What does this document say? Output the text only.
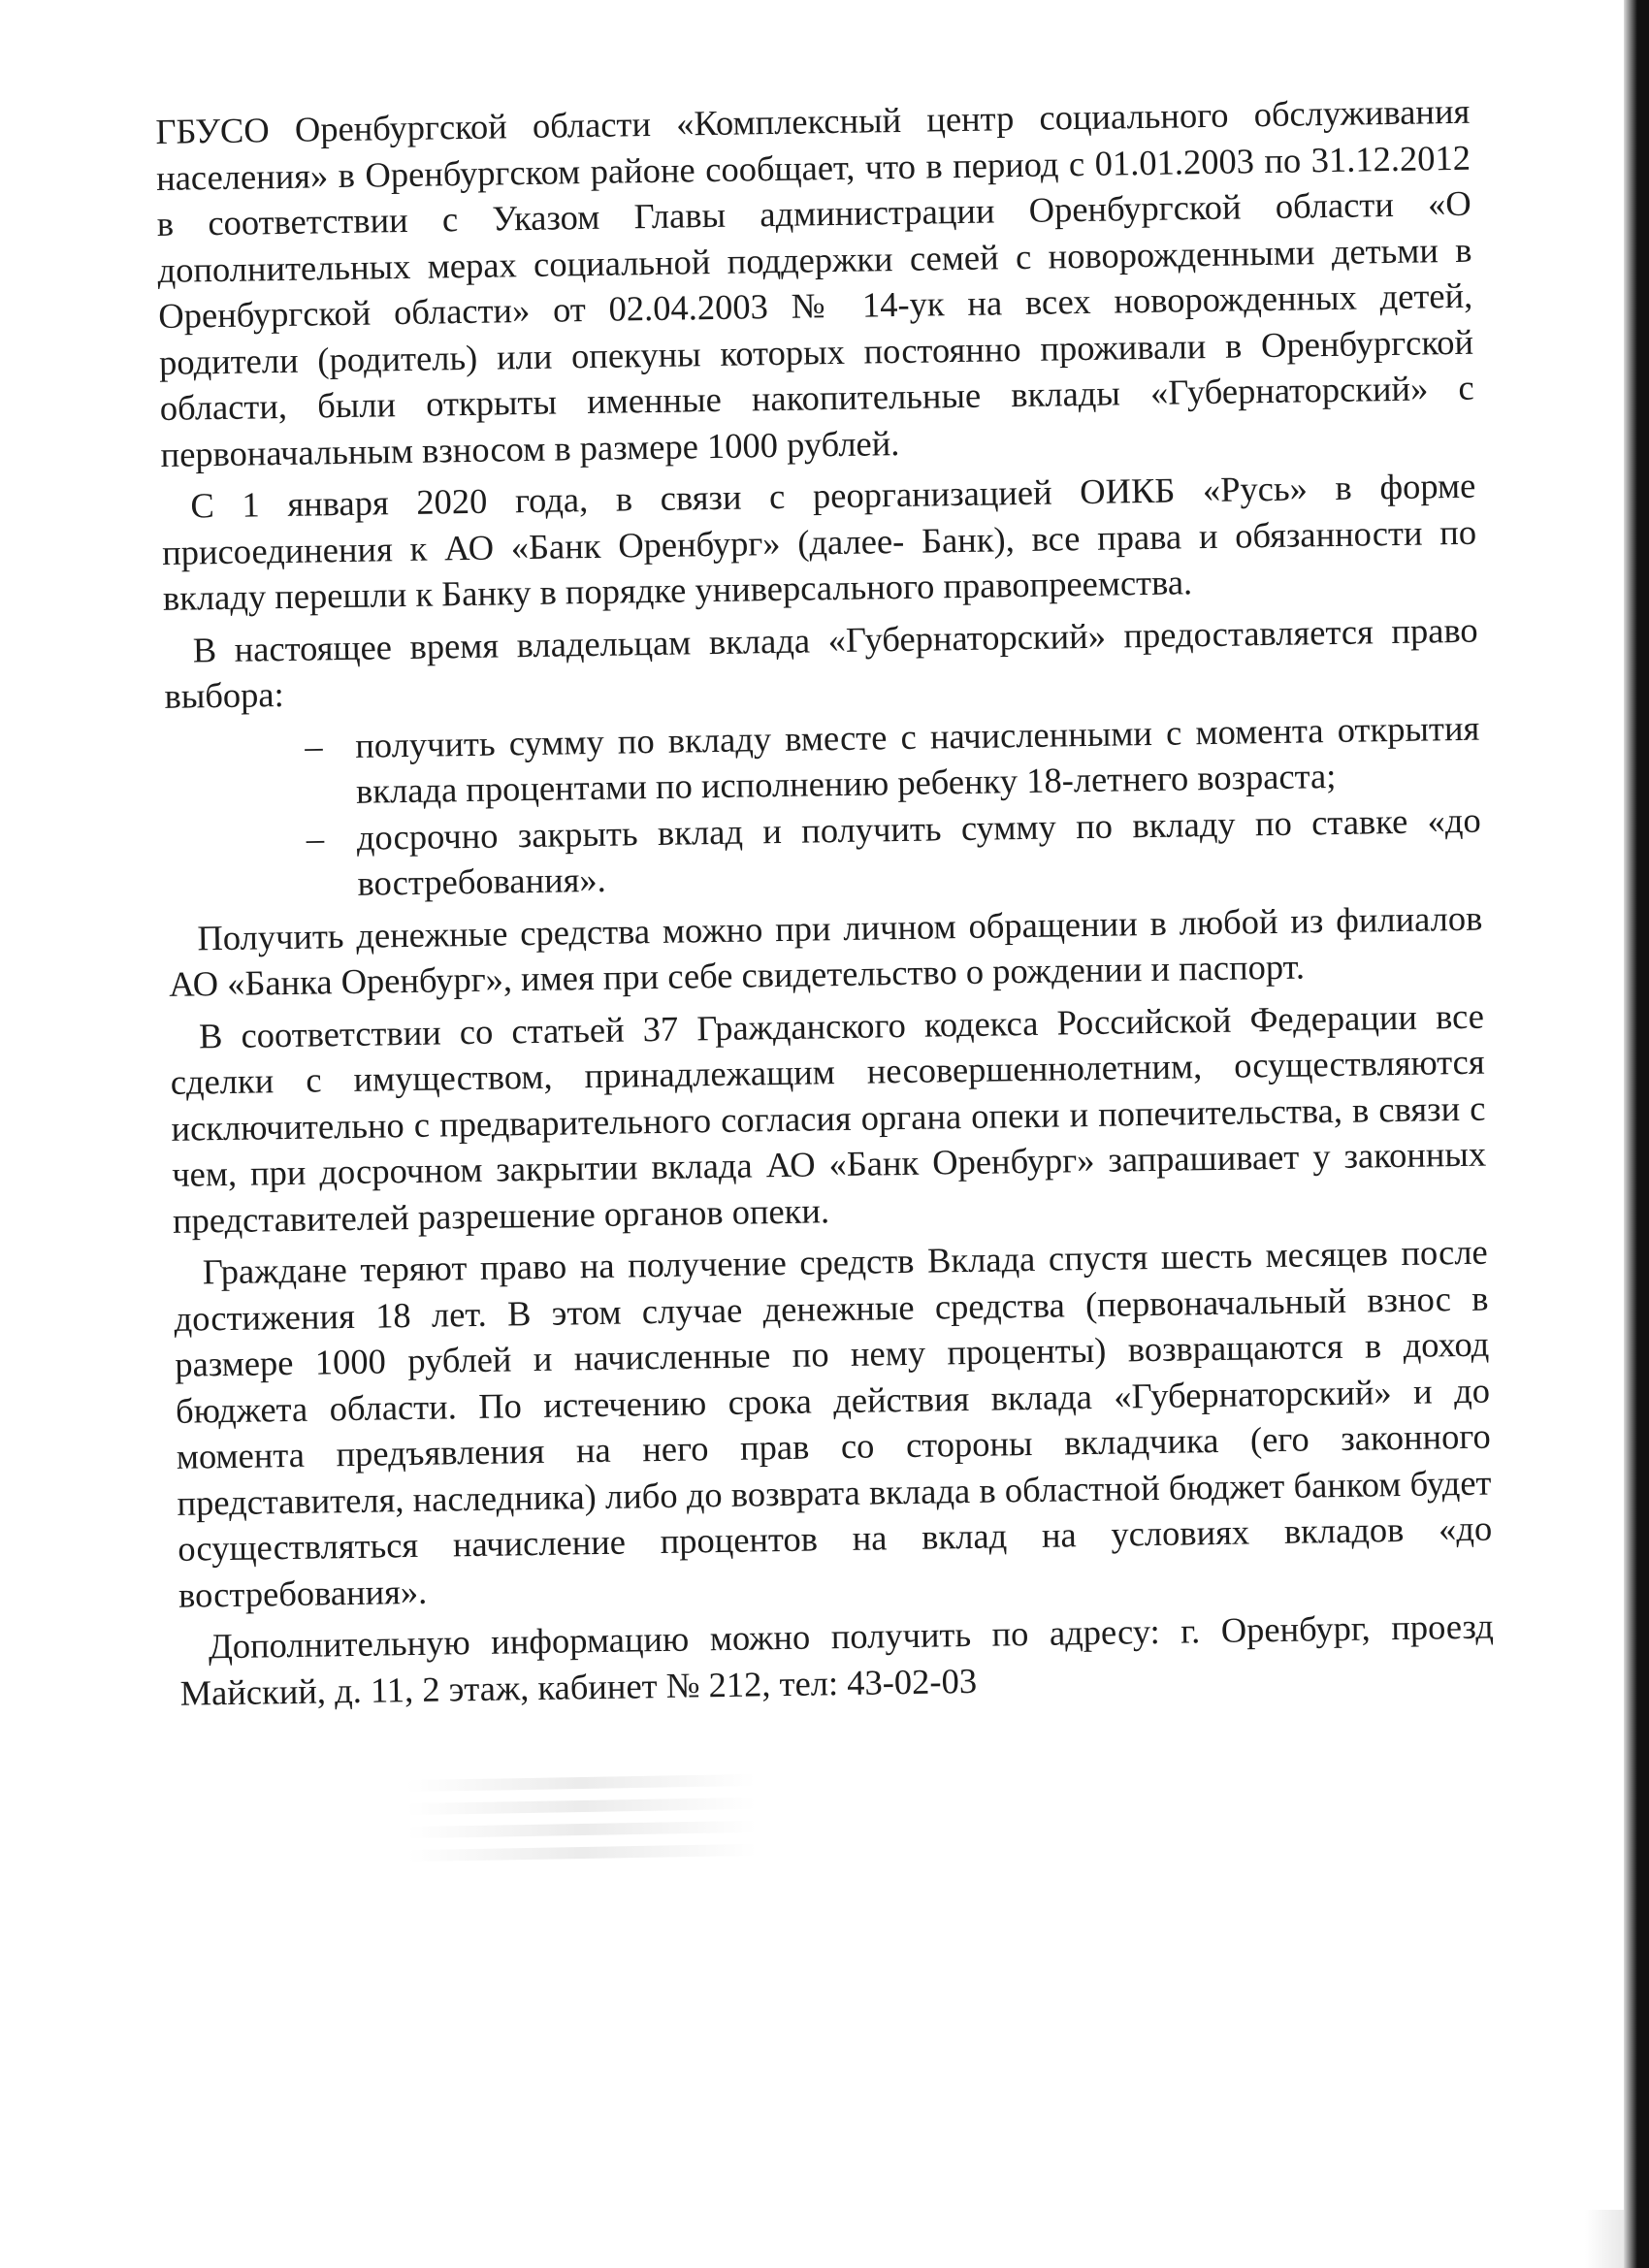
ГБУСО Оренбургской области «Комплексный центр социального обслуживания населения» в Оренбургском районе сообщает, что в период с 01.01.2003 по 31.12.2012 в соответствии с Указом Главы администрации Оренбургской области «О дополнительных мерах социальной поддержки семей с новорожденными детьми в Оренбургской области» от 02.04.2003 № 14-ук на всех новорожденных детей, родители (родитель) или опекуны которых постоянно проживали в Оренбургской области, были открыты именные накопительные вклады «Губернаторский» с первоначальным взносом в размере 1000 рублей.

С 1 января 2020 года, в связи с реорганизацией ОИКБ «Русь» в форме присоединения к АО «Банк Оренбург» (далее- Банк), все права и обязанности по вкладу перешли к Банку в порядке универсального правопреемства.

В настоящее время владельцам вклада «Губернаторский» предоставляется право выбора:

– получить сумму по вкладу вместе с начисленными с момента открытия вклада процентами по исполнению ребенку 18-летнего возраста;
– досрочно закрыть вклад и получить сумму по вкладу по ставке «до востребования».

Получить денежные средства можно при личном обращении в любой из филиалов АО «Банка Оренбург», имея при себе свидетельство о рождении и паспорт.

В соответствии со статьей 37 Гражданского кодекса Российской Федерации все сделки с имуществом, принадлежащим несовершеннолетним, осуществляются исключительно с предварительного согласия органа опеки и попечительства, в связи с чем, при досрочном закрытии вклада АО «Банк Оренбург» запрашивает у законных представителей разрешение органов опеки.

Граждане теряют право на получение средств Вклада спустя шесть месяцев после достижения 18 лет. В этом случае денежные средства (первоначальный взнос в размере 1000 рублей и начисленные по нему проценты) возвращаются в доход бюджета области. По истечению срока действия вклада «Губернаторский» и до момента предъявления на него прав со стороны вкладчика (его законного представителя, наследника) либо до возврата вклада в областной бюджет банком будет осуществляться начисление процентов на вклад на условиях вкладов «до востребования».

Дополнительную информацию можно получить по адресу: г. Оренбург, проезд Майский, д. 11, 2 этаж, кабинет № 212, тел: 43-02-03
